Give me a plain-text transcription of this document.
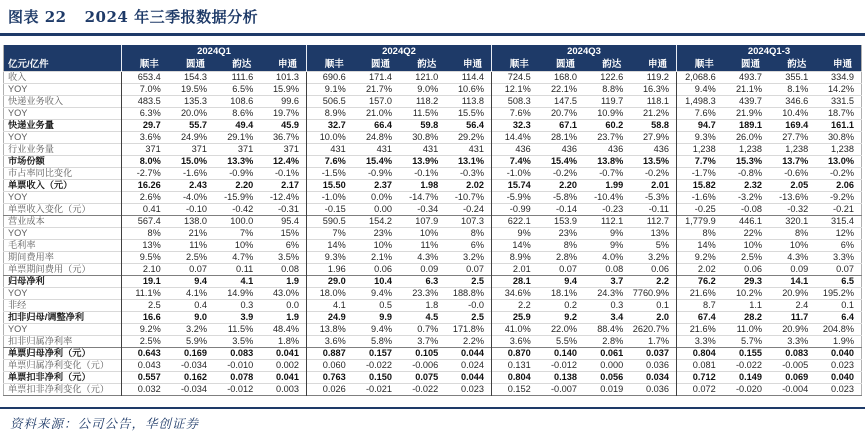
图表 22 2024 年三季报数据分析
	2024Q1				2024Q2				2024Q3				2024Q1-3			
亿元/亿件	顺丰	圆通	韵达	申通	顺丰	圆通	韵达	申通	顺丰	圆通	韵达	申通	顺丰	圆通	韵达	申通
收入	653.4	154.3	111.6	101.3	690.6	171.4	121.0	114.4	724.5	168.0	122.6	119.2	2,068.6	493.7	355.1	334.9
YOY	7.0%	19.5%	6.5%	15.9%	9.1%	21.7%	9.0%	10.6%	12.1%	22.1%	8.8%	16.3%	9.4%	21.1%	8.1%	14.2%
快递业务收入	483.5	135.3	108.6	99.6	506.5	157.0	118.2	113.8	508.3	147.5	119.7	118.1	1,498.3	439.7	346.6	331.5
YOY	6.3%	20.0%	8.6%	19.7%	8.9%	21.0%	11.5%	15.5%	7.6%	20.7%	10.9%	21.2%	7.6%	21.9%	10.4%	18.7%
快递业务量	29.7	55.7	49.4	45.9	32.7	66.4	59.8	56.4	32.3	67.1	60.2	58.8	94.7	189.1	169.4	161.1
YOY	3.6%	24.9%	29.1%	36.7%	10.0%	24.8%	30.8%	29.2%	14.4%	28.1%	23.7%	27.9%	9.3%	26.0%	27.7%	30.8%
行业业务量	371	371	371	371	431	431	431	431	436	436	436	436	1,238	1,238	1,238	1,238
市场份额	8.0%	15.0%	13.3%	12.4%	7.6%	15.4%	13.9%	13.1%	7.4%	15.4%	13.8%	13.5%	7.7%	15.3%	13.7%	13.0%
市占率同比变化	-2.7%	-1.6%	-0.9%	-0.1%	-1.5%	-0.9%	-0.1%	-0.3%	-1.0%	-0.2%	-0.7%	-0.2%	-1.7%	-0.8%	-0.6%	-0.2%
单票收入（元）	16.26	2.43	2.20	2.17	15.50	2.37	1.98	2.02	15.74	2.20	1.99	2.01	15.82	2.32	2.05	2.06
YOY	2.6%	-4.0%	-15.9%	-12.4%	-1.0%	0.0%	-14.7%	-10.7%	-5.9%	-5.8%	-10.4%	-5.3%	-1.6%	-3.2%	-13.6%	-9.2%
单票收入变化（元）	0.41	-0.10	-0.42	-0.31	-0.15	0.00	-0.34	-0.24	-0.99	-0.14	-0.23	-0.11	-0.25	-0.08	-0.32	-0.21
营业成本	567.4	138.0	100.0	95.4	590.5	154.2	107.9	107.3	622.1	153.9	112.1	112.7	1,779.9	446.1	320.1	315.4
YOY	8%	21%	7%	15%	7%	23%	10%	8%	9%	23%	9%	13%	8%	22%	8%	12%
毛利率	13%	11%	10%	6%	14%	10%	11%	6%	14%	8%	9%	5%	14%	10%	10%	6%
期间费用率	9.5%	2.5%	4.7%	3.5%	9.3%	2.1%	4.3%	3.2%	8.9%	2.8%	4.0%	3.2%	9.2%	2.5%	4.3%	3.3%
单票期间费用（元）	2.10	0.07	0.11	0.08	1.96	0.06	0.09	0.07	2.01	0.07	0.08	0.06	2.02	0.06	0.09	0.07
归母净利	19.1	9.4	4.1	1.9	29.0	10.4	6.3	2.5	28.1	9.4	3.7	2.2	76.2	29.3	14.1	6.5
YOY	11.1%	4.1%	14.9%	43.0%	18.0%	9.4%	23.3%	188.8%	34.6%	18.1%	24.3%	7760.9%	21.6%	10.2%	20.9%	195.2%
非经	2.5	0.4	0.3	0.0	4.1	0.5	1.8	-0.0	2.2	0.2	0.3	0.1	8.7	1.1	2.4	0.1
扣非归母/调整净利	16.6	9.0	3.9	1.9	24.9	9.9	4.5	2.5	25.9	9.2	3.4	2.0	67.4	28.2	11.7	6.4
YOY	9.2%	3.2%	11.5%	48.4%	13.8%	9.4%	0.7%	171.8%	41.0%	22.0%	88.4%	2620.7%	21.6%	11.0%	20.9%	204.8%
扣非归属净利率	2.5%	5.9%	3.5%	1.8%	3.6%	5.8%	3.7%	2.2%	3.6%	5.5%	2.8%	1.7%	3.3%	5.7%	3.3%	1.9%
单票归母净利（元）	0.643	0.169	0.083	0.041	0.887	0.157	0.105	0.044	0.870	0.140	0.061	0.037	0.804	0.155	0.083	0.040
单票归属净利变化（元）	0.043	-0.034	-0.010	0.002	0.060	-0.022	-0.006	0.024	0.131	-0.012	0.000	0.036	0.081	-0.022	-0.005	0.023
单票扣非净利（元）	0.557	0.162	0.078	0.041	0.763	0.150	0.075	0.044	0.804	0.138	0.056	0.034	0.712	0.149	0.069	0.040
单票扣非净利变化（元）	0.032	-0.034	-0.012	0.003	0.026	-0.021	-0.022	0.023	0.152	-0.007	0.019	0.036	0.072	-0.020	-0.004	0.023
资料来源：公司公告，华创证券
